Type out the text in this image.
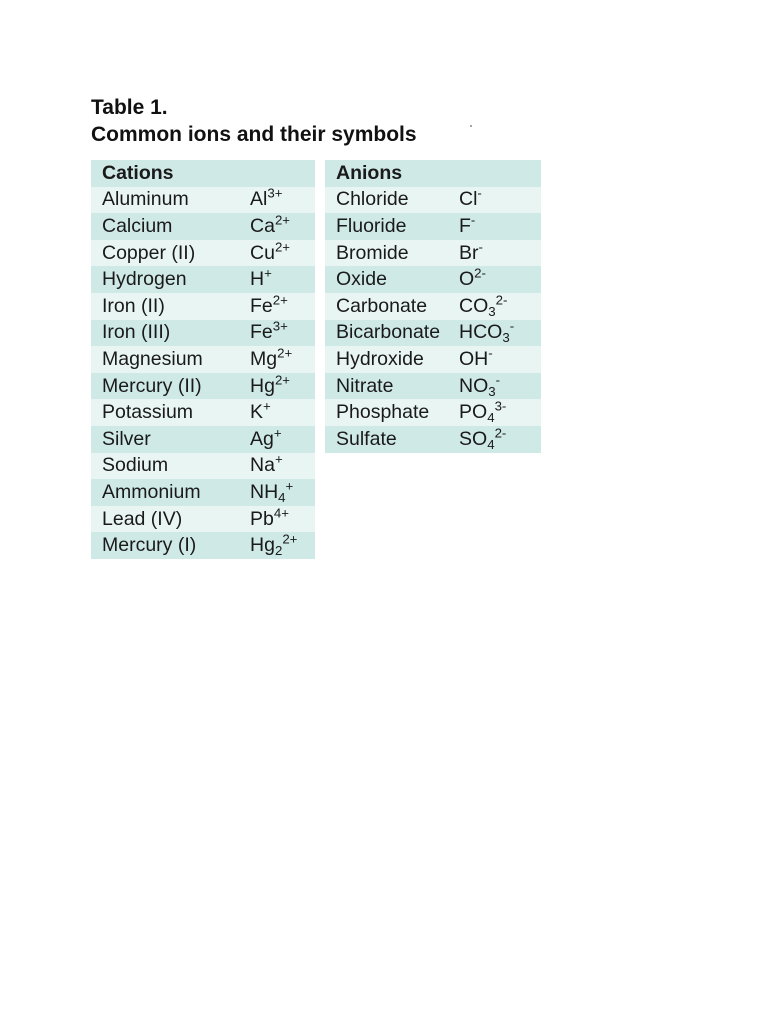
Table 1.
Common ions and their symbols
Cations
Aluminum	$Al^{3+}$
Calcium	$Ca^{2+}$
Copper (II)	$Cu^{2+}$
Hydrogen	H+
Iron (II)	$Fe^{2+}$
Iron (III)	$Fe^{3+}$
Magnesium	$Mg^{2+}$
Mercury (II)	$Hg^{2+}$
Potassium	K+
Silver	Ag+
Sodium	Na+
Ammonium	$NH_4^+$
Lead (IV)	$Pb^{4+}$
Mercury (I)	$Hg_2^{2+}$
Anions
Chloride	Cl-
Fluoride	F-
Bromide	Br-
Oxide	$O^{2-}$
Carbonate	$CO_3^{2-}$
Bicarbonate $HCO_3^-$
Hydroxide	OH-
Nitrate	$NO_3^-$
Phosphate	$PO_4^{3-}$
Sulfate	$SO_4^{2-}$
